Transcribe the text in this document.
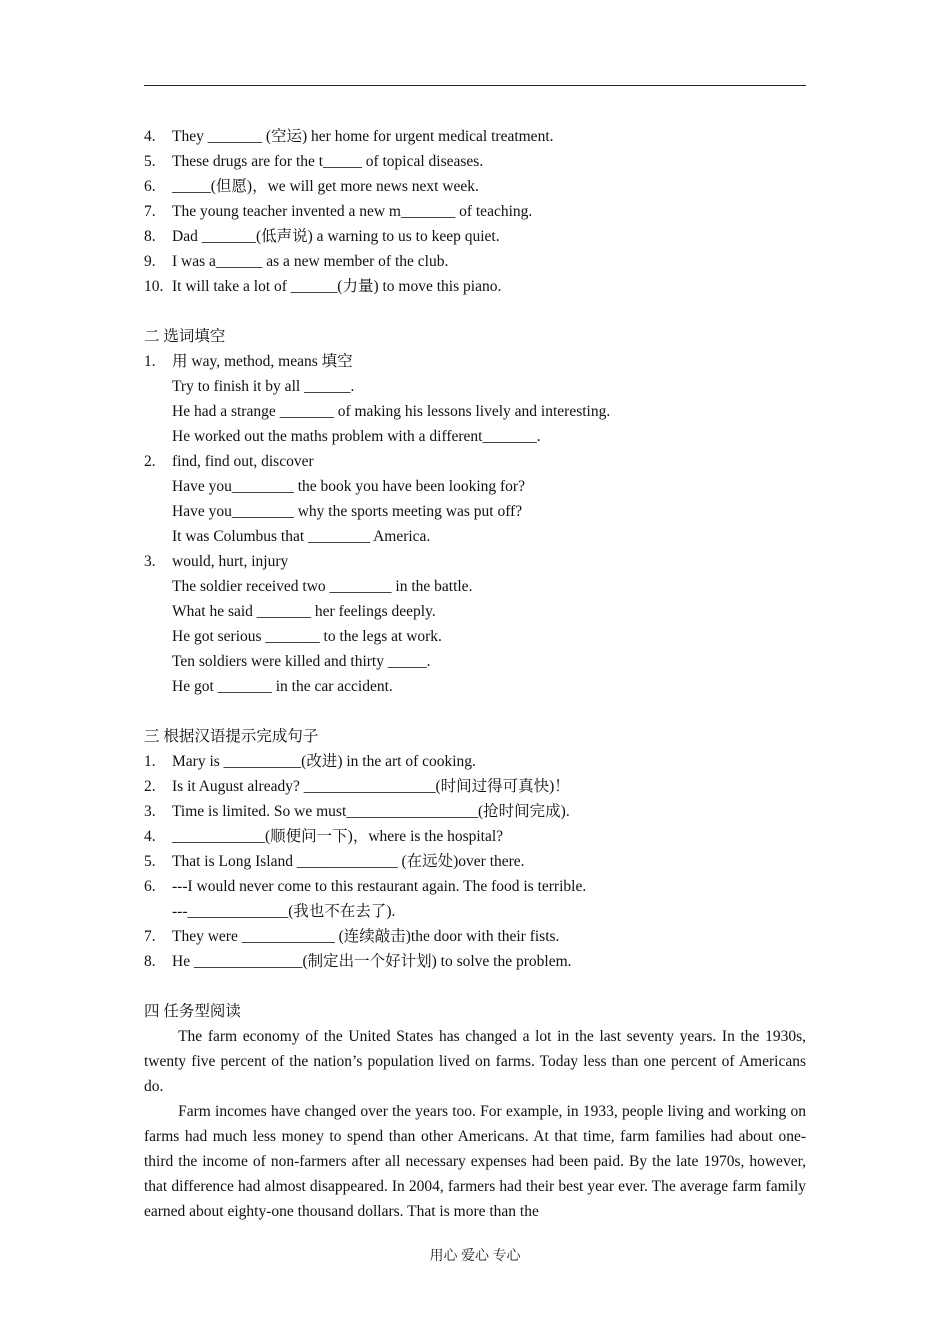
4.	They _______ (空运) her home for urgent medical treatment.
5.	These drugs are for the t_____ of topical diseases.
6.	_____(但愿)，we will get more news next week.
7.	The young teacher invented a new m_______ of teaching.
8.	Dad _______(低声说) a warning to us to keep quiet.
9.	I was a______ as a new member of the club.
10. It will take a lot of ______(力量) to move this piano.
二 选词填空
1.	用 way, method, means 填空
Try to finish it by all ______.
He had a strange _______ of making his lessons lively and interesting.
He worked out the maths problem with a different_______.
2.	find, find out, discover
Have you________ the book you have been looking for?
Have you________ why the sports meeting was put off?
It was Columbus that ________ America.
3.	would, hurt, injury
The soldier received two ________ in the battle.
What he said _______ her feelings deeply.
He got serious _______ to the legs at work.
Ten soldiers were killed and thirty _____.
He got _______ in the car accident.
三 根据汉语提示完成句子
1.	Mary is __________(改进) in the art of cooking.
2.	Is it August already? _________________(时间过得可真快)！
3.	Time is limited. So we must_________________(抢时间完成).
4.	____________(顺便问一下)，where is the hospital?
5.	That is Long Island _____________ (在远处)over there.
6.	---I would never come to this restaurant again. The food is terrible.
---_____________(我也不在去了).
7.	They were ____________ (连续敲击)the door with their fists.
8.	He ______________(制定出一个好计划) to solve the problem.
四 任务型阅读

The farm economy of the United States has changed a lot in the last seventy years. In the 1930s, twenty five percent of the nation’s population lived on farms. Today less than one percent of Americans do.

Farm incomes have changed over the years too. For example, in 1933, people living and working on farms had much less money to spend than other Americans. At that time, farm families had about one-third the income of non-farmers after all necessary expenses had been paid. By the late 1970s, however, that difference had almost disappeared. In 2004, farmers had their best year ever. The average farm family earned about eighty-one thousand dollars. That is more than the

用心 爱心 专心
